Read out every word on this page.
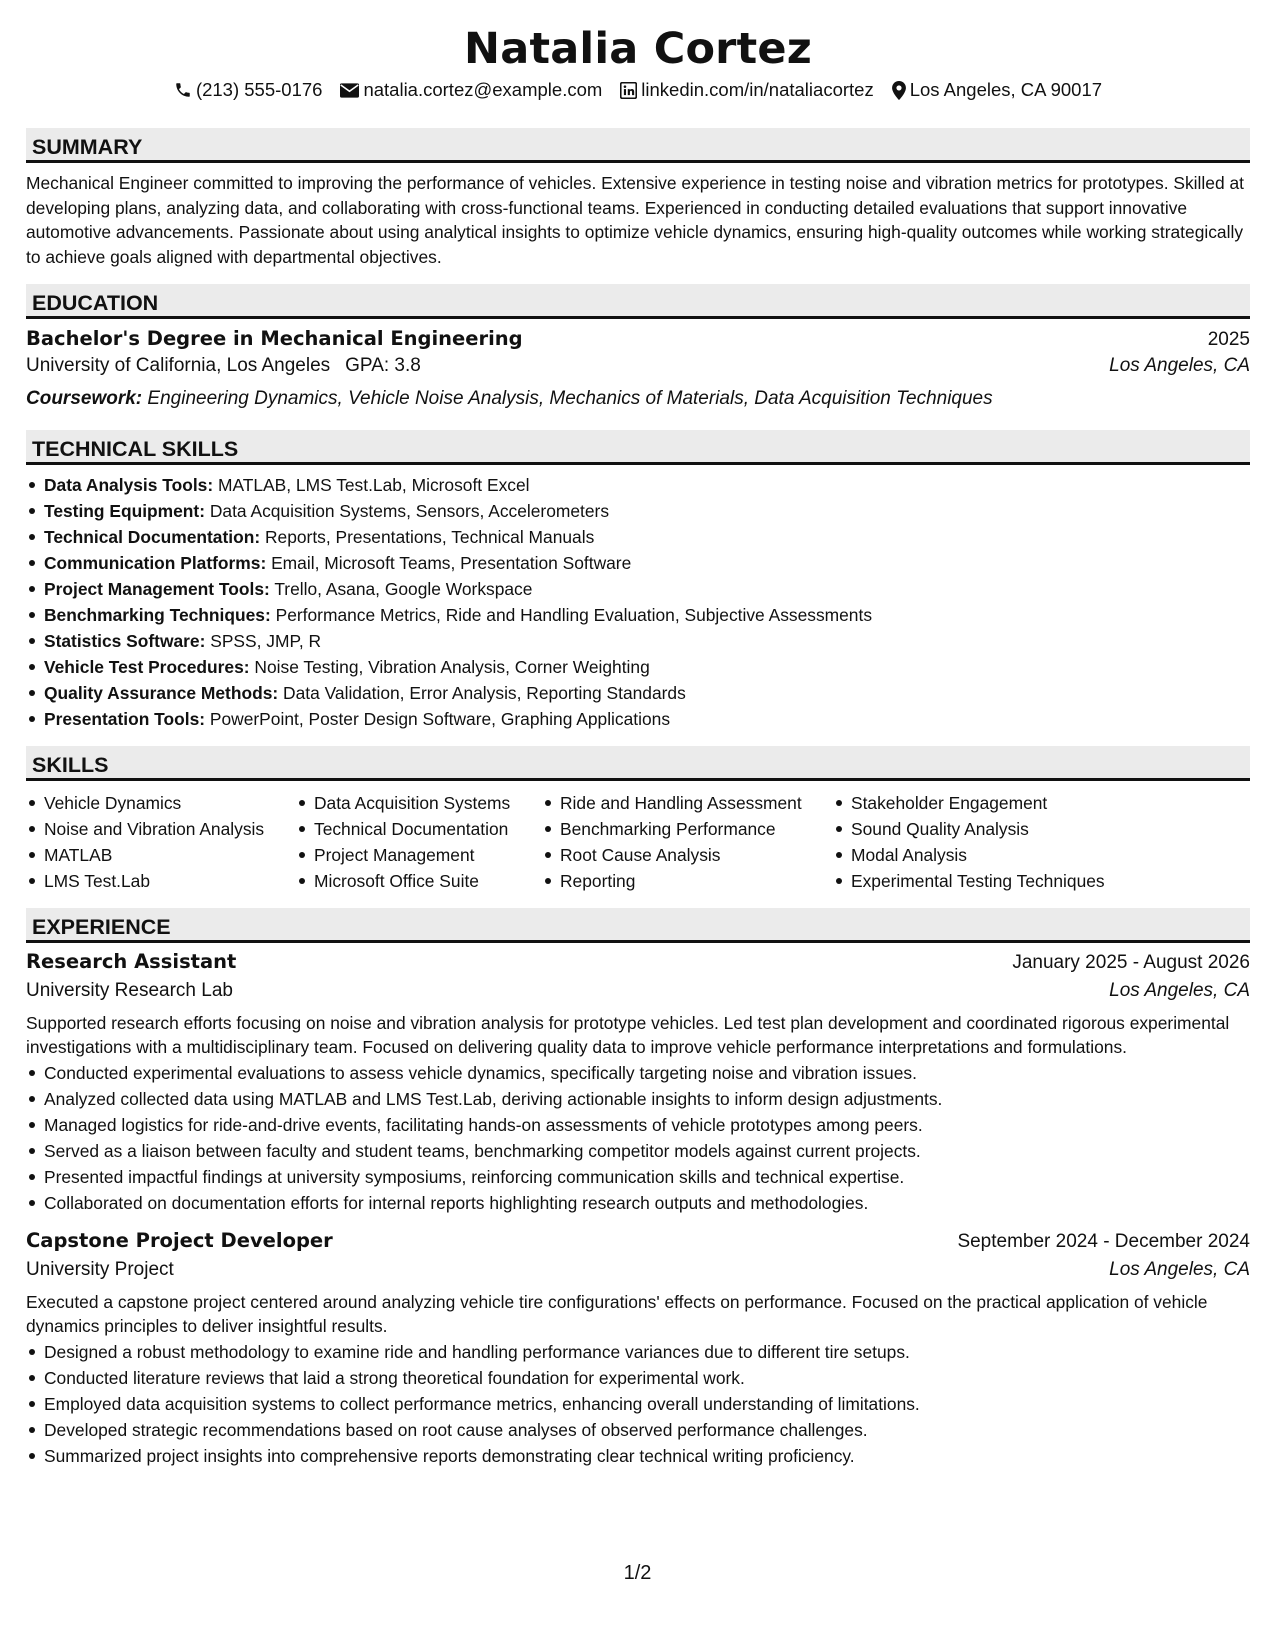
Natalia Cortez
(213) 555-0176 natalia.cortez@example.com linkedin.com/in/nataliacortez Los Angeles, CA 90017
SUMMARY

Mechanical Engineer committed to improving the performance of vehicles. Extensive experience in testing noise and vibration metrics for prototypes. Skilled at developing plans, analyzing data, and collaborating with cross-functional teams. Experienced in conducting detailed evaluations that support innovative automotive advancements. Passionate about using analytical insights to optimize vehicle dynamics, ensuring high-quality outcomes while working strategically to achieve goals aligned with departmental objectives.

EDUCATION
Bachelor's Degree in Mechanical Engineering	2025
University of California, Los Angeles GPA: 3.8	Los Angeles, CA
Coursework: Engineering Dynamics, Vehicle Noise Analysis, Mechanics of Materials, Data Acquisition Techniques
TECHNICAL SKILLS
Data Analysis Tools: MATLAB, LMS Test.Lab, Microsoft Excel
Testing Equipment: Data Acquisition Systems, Sensors, Accelerometers
Technical Documentation: Reports, Presentations, Technical Manuals
Communication Platforms: Email, Microsoft Teams, Presentation Software
Project Management Tools: Trello, Asana, Google Workspace
Benchmarking Techniques: Performance Metrics, Ride and Handling Evaluation, Subjective Assessments
Statistics Software: SPSS, JMP, R
Vehicle Test Procedures: Noise Testing, Vibration Analysis, Corner Weighting
Quality Assurance Methods: Data Validation, Error Analysis, Reporting Standards
Presentation Tools: PowerPoint, Poster Design Software, Graphing Applications
SKILLS
Vehicle Dynamics
Noise and Vibration Analysis
MATLAB
LMS Test.Lab
Data Acquisition Systems
Technical Documentation
Project Management
Microsoft Office Suite
Ride and Handling Assessment
Benchmarking Performance
Root Cause Analysis
Reporting
Stakeholder Engagement
Sound Quality Analysis
Modal Analysis
Experimental Testing Techniques
EXPERIENCE
Research Assistant	January 2025 - August 2026
University Research Lab	Los Angeles, CA

Supported research efforts focusing on noise and vibration analysis for prototype vehicles. Led test plan development and coordinated rigorous experimental investigations with a multidisciplinary team. Focused on delivering quality data to improve vehicle performance interpretations and formulations.

Conducted experimental evaluations to assess vehicle dynamics, specifically targeting noise and vibration issues.
Analyzed collected data using MATLAB and LMS Test.Lab, deriving actionable insights to inform design adjustments.
Managed logistics for ride-and-drive events, facilitating hands-on assessments of vehicle prototypes among peers.
Served as a liaison between faculty and student teams, benchmarking competitor models against current projects.
Presented impactful findings at university symposiums, reinforcing communication skills and technical expertise.
Collaborated on documentation efforts for internal reports highlighting research outputs and methodologies.
Capstone Project Developer	September 2024 - December 2024
University Project	Los Angeles, CA

Executed a capstone project centered around analyzing vehicle tire configurations' effects on performance. Focused on the practical application of vehicle dynamics principles to deliver insightful results.

Designed a robust methodology to examine ride and handling performance variances due to different tire setups.
Conducted literature reviews that laid a strong theoretical foundation for experimental work.
Employed data acquisition systems to collect performance metrics, enhancing overall understanding of limitations.
Developed strategic recommendations based on root cause analyses of observed performance challenges.
Summarized project insights into comprehensive reports demonstrating clear technical writing proficiency.
1/2
